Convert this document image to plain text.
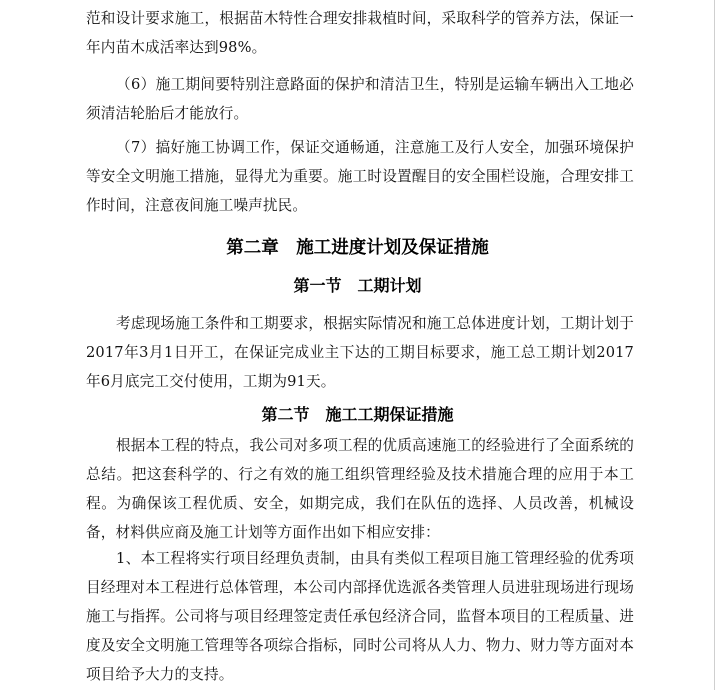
范和设计要求施工，根据苗木特性合理安排栽植时间，采取科学的管养方法，保证一年内苗木成活率达到98%。

（6）施工期间要特别注意路面的保护和清洁卫生，特别是运输车辆出入工地必须清洁轮胎后才能放行。

（7）搞好施工协调工作，保证交通畅通，注意施工及行人安全，加强环境保护等安全文明施工措施，显得尤为重要。施工时设置醒目的安全围栏设施，合理安排工作时间，注意夜间施工噪声扰民。

第二章　施工进度计划及保证措施
第一节　工期计划

考虑现场施工条件和工期要求，根据实际情况和施工总体进度计划，工期计划于2017年3月1日开工，在保证完成业主下达的工期目标要求，施工总工期计划2017年6月底完工交付使用，工期为91天。

第二节　施工工期保证措施

根据本工程的特点，我公司对多项工程的优质高速施工的经验进行了全面系统的总结。把这套科学的、行之有效的施工组织管理经验及技术措施合理的应用于本工程。为确保该工程优质、安全，如期完成，我们在队伍的选择、人员改善，机械设备，材料供应商及施工计划等方面作出如下相应安排：

1、本工程将实行项目经理负责制，由具有类似工程项目施工管理经验的优秀项目经理对本工程进行总体管理，本公司内部择优选派各类管理人员进驻现场进行现场施工与指挥。公司将与项目经理签定责任承包经济合同，监督本项目的工程质量、进度及安全文明施工管理等各项综合指标，同时公司将从人力、物力、财力等方面对本项目给予大力的支持。
